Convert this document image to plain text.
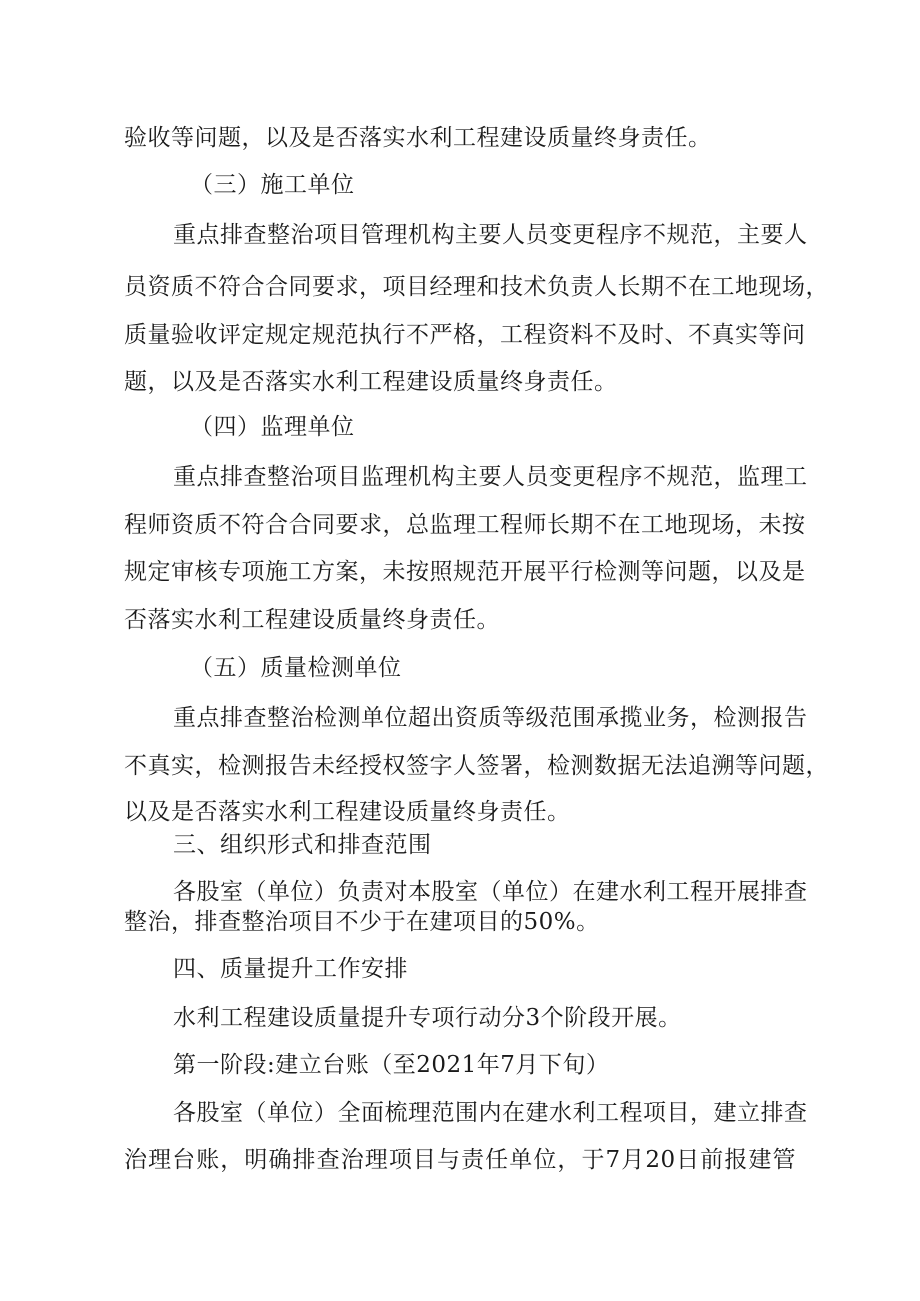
验收等问题，以及是否落实水利工程建设质量终身责任。
（三）施工单位
重点排查整治项目管理机构主要人员变更程序不规范，主要人
员资质不符合合同要求，项目经理和技术负责人长期不在工地现场，
质量验收评定规定规范执行不严格，工程资料不及时、不真实等问
题，以及是否落实水利工程建设质量终身责任。
（四）监理单位
重点排查整治项目监理机构主要人员变更程序不规范，监理工
程师资质不符合合同要求，总监理工程师长期不在工地现场，未按
规定审核专项施工方案，未按照规范开展平行检测等问题，以及是
否落实水利工程建设质量终身责任。
（五）质量检测单位
重点排查整治检测单位超出资质等级范围承揽业务，检测报告
不真实，检测报告未经授权签字人签署，检测数据无法追溯等问题，
以及是否落实水利工程建设质量终身责任。
三、组织形式和排查范围
各股室（单位）负责对本股室（单位）在建水利工程开展排查
整治，排查整治项目不少于在建项目的50%。
四、质量提升工作安排
水利工程建设质量提升专项行动分3个阶段开展。
第一阶段:建立台账（至2021年7月下旬）
各股室（单位）全面梳理范围内在建水利工程项目，建立排查
治理台账，明确排查治理项目与责任单位，于7月20日前报建管
